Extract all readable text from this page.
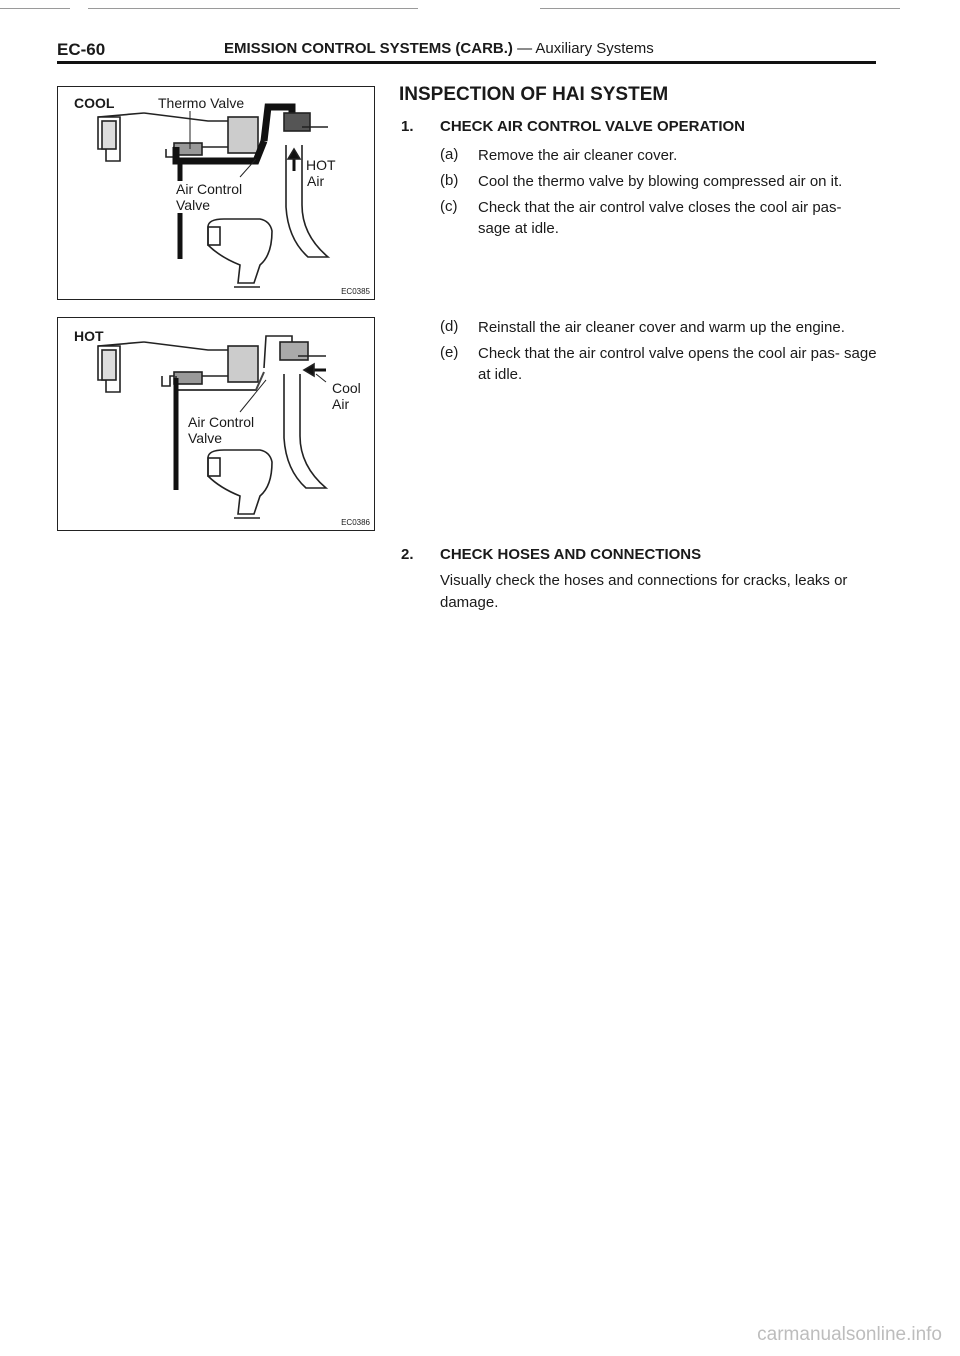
EC-60	EMISSION CONTROL SYSTEMS (CARB.) — Auxiliary Systems
COOL	Thermo Valve
HOT
Air
Air Control
Valve
EC0385
HOT
Cool
Air
Air Control
Valve
EC0386
INSPECTION OF HAI SYSTEM
1. CHECK AIR CONTROL VALVE OPERATION
(a) Remove the air cleaner cover.
(b) Cool the thermo valve by blowing compressed air on it.
(c) Check that the air control valve closes the cool air pas- sage at idle.
(d) Reinstall the air cleaner cover and warm up the engine.
(e) Check that the air control valve opens the cool air pas- sage at idle.
2. CHECK HOSES AND CONNECTIONS
Visually check the hoses and connections for cracks, leaks or damage.
carmanualsonline.info
